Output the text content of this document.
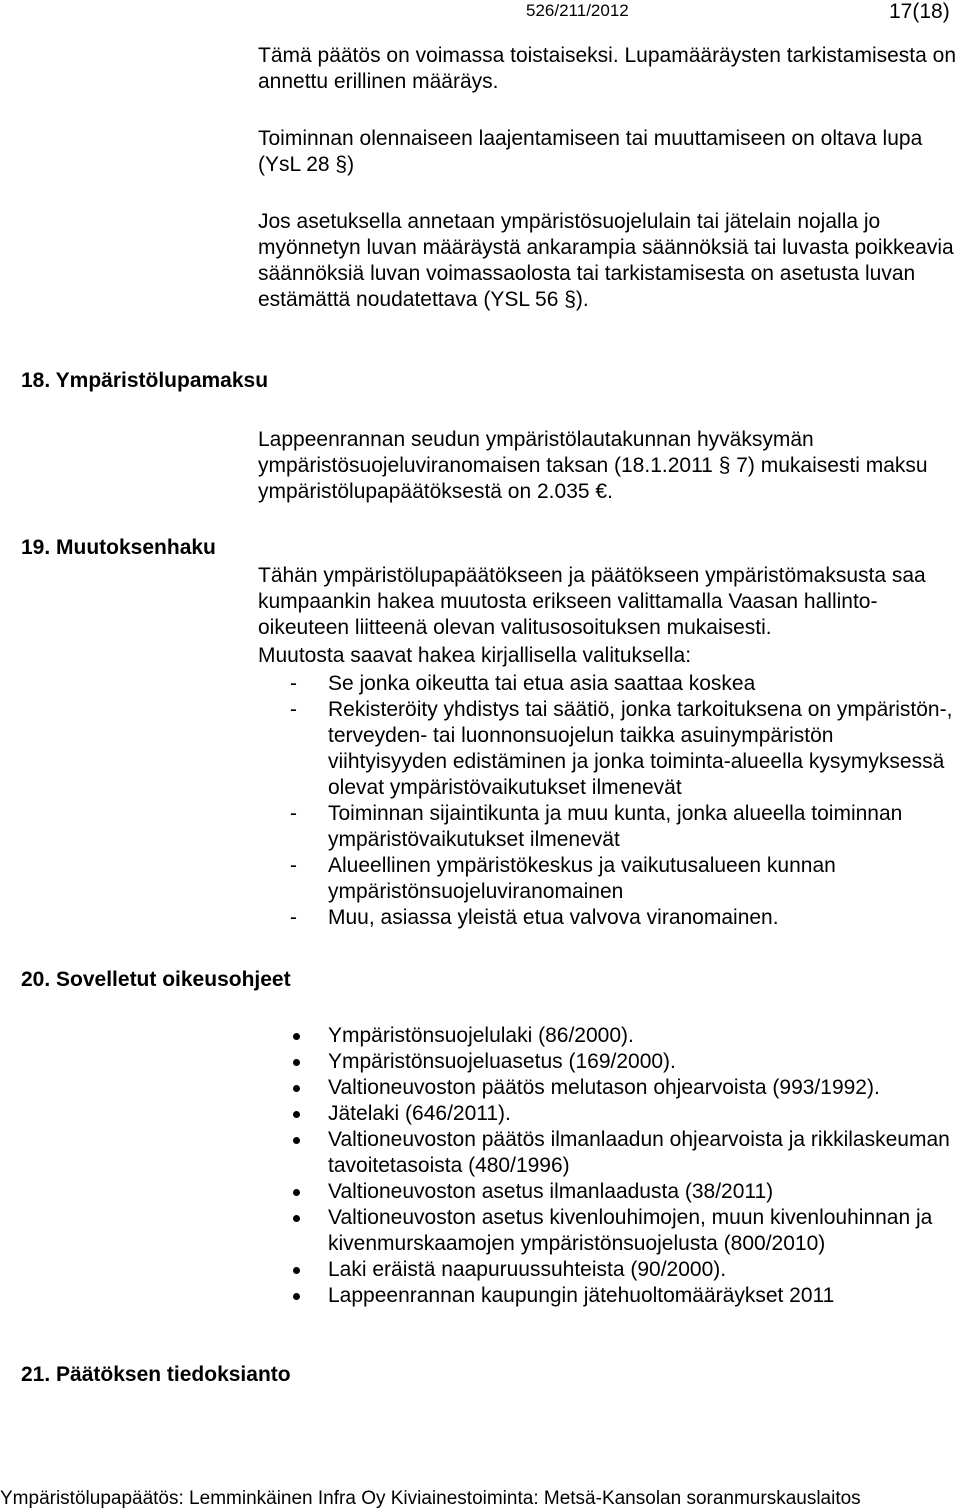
526/211/2012	17(18)

Tämä päätös on voimassa toistaiseksi. Lupamääräysten tarkistamisesta on annettu erillinen määräys.

Toiminnan olennaiseen laajentamiseen tai muuttamiseen on oltava lupa (YsL 28 §)

Jos asetuksella annetaan ympäristösuojelulain tai jätelain nojalla jo myönnetyn luvan määräystä ankarampia säännöksiä tai luvasta poikkeavia säännöksiä luvan voimassaolosta tai tarkistamisesta on asetusta luvan estämättä noudatettava (YSL 56 §).

18. Ympäristölupamaksu

Lappeenrannan seudun ympäristölautakunnan hyväksymän ympäristösuojeluviranomaisen taksan (18.1.2011 § 7) mukaisesti maksu ympäristölupapäätöksestä on 2.035 €.

19. Muutoksenhaku

Tähän ympäristölupapäätökseen ja päätökseen ympäristömaksusta saa kumpaankin hakea muutosta erikseen valittamalla Vaasan hallinto-oikeuteen liitteenä olevan valitusosoituksen mukaisesti.

Muutosta saavat hakea kirjallisella valituksella:

- Se jonka oikeutta tai etua asia saattaa koskea
- Rekisteröity yhdistys tai säätiö, jonka tarkoituksena on ympäristön-, terveyden- tai luonnonsuojelun taikka asuinympäristön viihtyisyyden edistäminen ja jonka toiminta-alueella kysymyksessä olevat ympäristövaikutukset ilmenevät
- Toiminnan sijaintikunta ja muu kunta, jonka alueella toiminnan ympäristövaikutukset ilmenevät
- Alueellinen ympäristökeskus ja vaikutusalueen kunnan ympäristönsuojeluviranomainen
- Muu, asiassa yleistä etua valvova viranomainen.
20. Sovelletut oikeusohjeet
Ympäristönsuojelulaki (86/2000).
Ympäristönsuojeluasetus (169/2000).
Valtioneuvoston päätös melutason ohjearvoista (993/1992).
Jätelaki (646/2011).
Valtioneuvoston päätös ilmanlaadun ohjearvoista ja rikkilaskeuman tavoitetasoista (480/1996)
Valtioneuvoston asetus ilmanlaadusta (38/2011)
Valtioneuvoston asetus kivenlouhimojen, muun kivenlouhinnan ja kivenmurskaamojen ympäristönsuojelusta (800/2010)
Laki eräistä naapuruussuhteista (90/2000).
Lappeenrannan kaupungin jätehuoltomääräykset 2011
21. Päätöksen tiedoksianto
Ympäristölupapäätös: Lemminkäinen Infra Oy Kiviainestoiminta: Metsä-Kansolan soranmurskauslaitos
